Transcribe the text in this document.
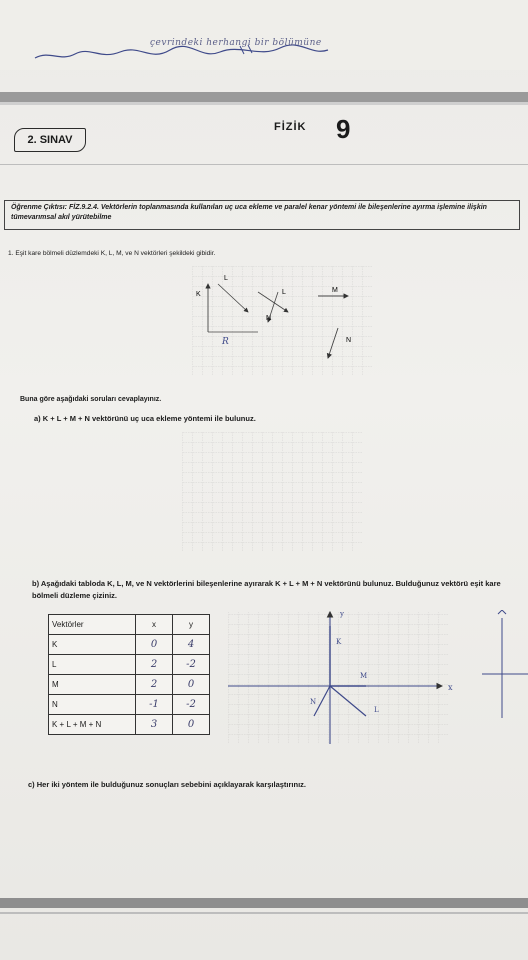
çevrindeki herhangi bir bölümüne
2. SINAV
FİZİK 9
Öğrenme Çıktısı: FİZ.9.2.4. Vektörlerin toplanmasında kullanılan uç uca ekleme ve paralel kenar yöntemi ile bileşenlerine ayırma işlemine ilişkin tümevarımsal akıl yürütebilme
1. Eşit kare bölmeli düzlemdeki K, L, M, ve N vektörleri şekildeki gibidir.
K
L
M
N
L
N
R
Buna göre aşağıdaki soruları cevaplayınız.
a) K + L + M + N vektörünü uç uca ekleme yöntemi ile bulunuz.
b) Aşağıdaki tabloda K, L, M, ve N vektörlerini bileşenlerine ayırarak K + L + M + N vektörünü bulunuz. Bulduğunuz vektörü eşit kare bölmeli düzleme çiziniz.
Vektörler	x	y
K	0	4
L	2	-2
M	2	0
N	-1	-2
K + L + M + N	3	0
y
x
K
M
N
L
c) Her iki yöntem ile bulduğunuz sonuçları sebebini açıklayarak karşılaştırınız.
